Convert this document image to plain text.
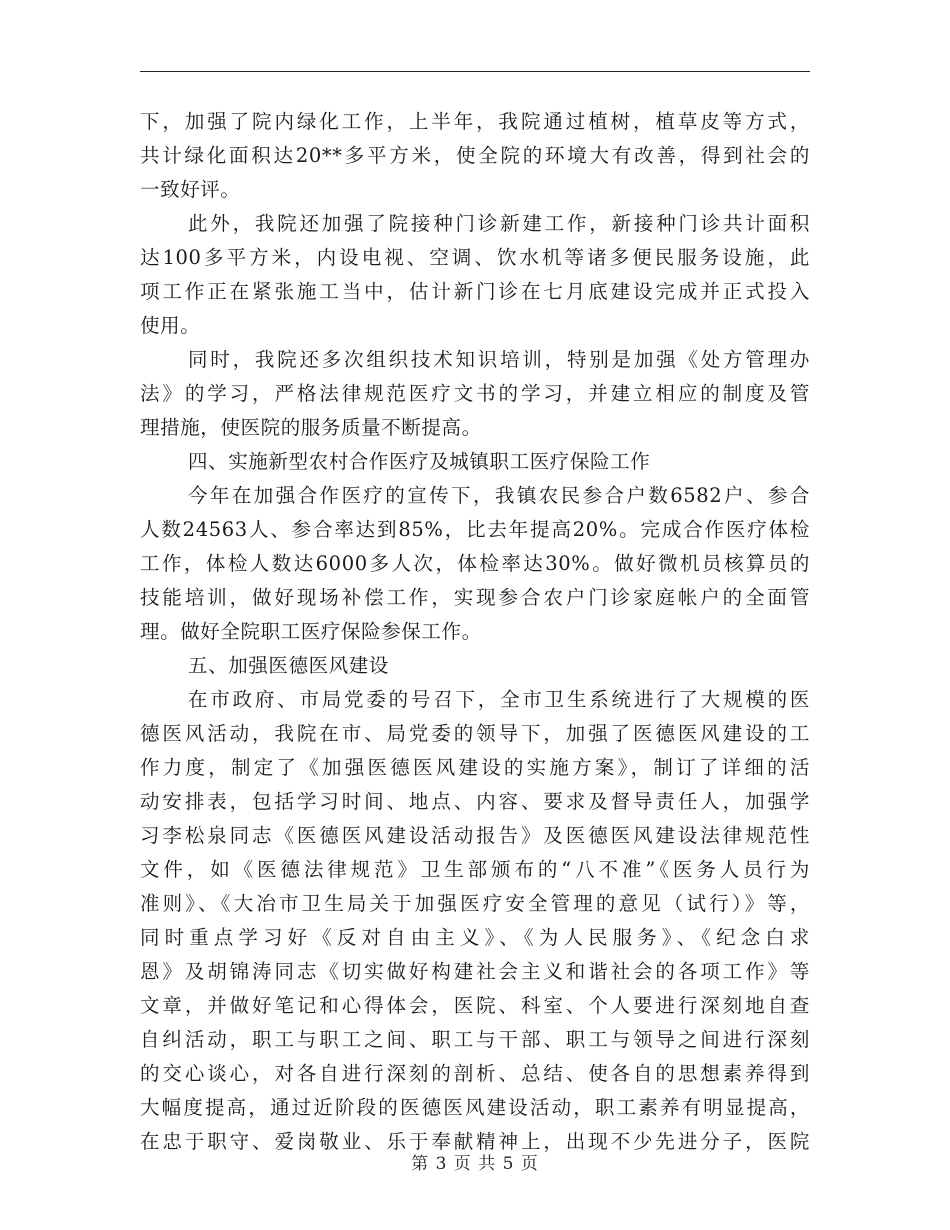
下，加强了院内绿化工作，上半年，我院通过植树，植草皮等方式，
共计绿化面积达20**多平方米，使全院的环境大有改善，得到社会的
一致好评。
此外，我院还加强了院接种门诊新建工作，新接种门诊共计面积
达100多平方米，内设电视、空调、饮水机等诸多便民服务设施，此
项工作正在紧张施工当中，估计新门诊在七月底建设完成并正式投入
使用。
同时，我院还多次组织技术知识培训，特别是加强《处方管理办
法》的学习，严格法律规范医疗文书的学习，并建立相应的制度及管
理措施，使医院的服务质量不断提高。
四、实施新型农村合作医疗及城镇职工医疗保险工作
今年在加强合作医疗的宣传下，我镇农民参合户数6582户、参合
人数24563人、参合率达到85%，比去年提高20%。完成合作医疗体检
工作，体检人数达6000多人次，体检率达30%。做好微机员核算员的
技能培训，做好现场补偿工作，实现参合农户门诊家庭帐户的全面管
理。做好全院职工医疗保险参保工作。
五、加强医德医风建设
在市政府、市局党委的号召下，全市卫生系统进行了大规模的医
德医风活动，我院在市、局党委的领导下，加强了医德医风建设的工
作力度，制定了《加强医德医风建设的实施方案》，制订了详细的活
动安排表，包括学习时间、地点、内容、要求及督导责任人，加强学
习李松泉同志《医德医风建设活动报告》及医德医风建设法律规范性
文件，如《医德法律规范》卫生部颁布的“八不准”《医务人员行为
准则》、《大冶市卫生局关于加强医疗安全管理的意见（试行）》等，
同时重点学习好《反对自由主义》、《为人民服务》、《纪念白求
恩》及胡锦涛同志《切实做好构建社会主义和谐社会的各项工作》等
文章，并做好笔记和心得体会，医院、科室、个人要进行深刻地自查
自纠活动，职工与职工之间、职工与干部、职工与领导之间进行深刻
的交心谈心，对各自进行深刻的剖析、总结、使各自的思想素养得到
大幅度提高，通过近阶段的医德医风建设活动，职工素养有明显提高，
在忠于职守、爱岗敬业、乐于奉献精神上，出现不少先进分子，医院
第 3 页 共 5 页
